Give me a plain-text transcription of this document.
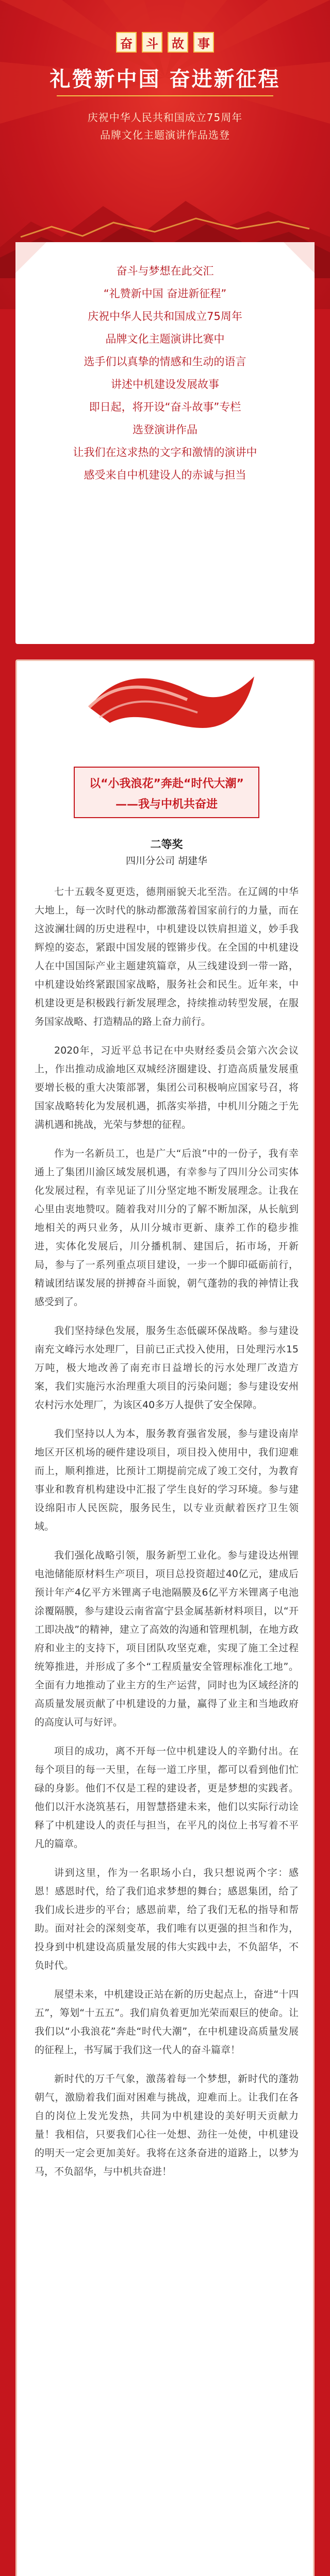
奋	斗	故	事
礼赞新中国 奋进新征程
庆祝中华人民共和国成立75周年
品牌文化主题演讲作品选登
奋斗与梦想在此交汇
“礼赞新中国 奋进新征程”
庆祝中华人民共和国成立75周年
品牌文化主题演讲比赛中
选手们以真挚的情感和生动的语言
讲述中机建设发展故事
即日起，将开设“奋斗故事”专栏
选登演讲作品
让我们在这求热的文字和激情的演讲中
感受来自中机建设人的赤诚与担当
以“小我浪花”奔赴“时代大潮”
——我与中机共奋进
二等奖
四川分公司 胡建华

七十五载冬夏更迭，德荆丽貌天北至浩。在辽阔的中华大地上，每一次时代的脉动都激荡着国家前行的力量，而在这波澜壮阔的历史进程中，中机建设以铁肩担道义，妙手我辉煌的姿态，紧跟中国发展的铿锵步伐。在全国的中机建设人在中国国际产业主题建筑篇章，从三线建设到一带一路，中机建设始终紧跟国家战略，服务社会和民生。近年来，中机建设更是积极践行新发展理念，持续推动转型发展，在服务国家战略、打造精品的路上奋力前行。

2020年，习近平总书记在中央财经委员会第六次会议上，作出推动成渝地区双城经济圈建设、打造高质量发展重要增长极的重大决策部署，集团公司积极响应国家号召，将国家战略转化为发展机遇，抓落实举措，中机川分随之于先满机遇和挑战，光荣与梦想的征程。

作为一名新员工，也是广大“后浪”中的一份子，我有幸通上了集团川渝区域发展机遇，有幸参与了四川分公司实体化发展过程，有幸见证了川分坚定地不断发展理念。让我在心里由衷地赞叹。随着我对川分的了解不断加深，从长航到地相关的两只业务，从川分城市更新、康养工作的稳步推进，实体化发展后，川分播机制、建国后，拓市场，开新局，参与了一系列重点项目建设，一步一个脚印砥砺前行，精诚团结谋发展的拼搏奋斗面貌，朝气蓬勃的我的神情让我感受到了。

我们坚持绿色发展，服务生态低碳环保战略。参与建设南充文峰污水处理厂，目前已正式投入使用，日处理污水15万吨，极大地改善了南充市日益增长的污水处理厂改造方案，我们实施污水治理重大项目的污染问题；参与建设安州农村污水处理厂，为该区40多万人提供了安全保障。

我们坚持以人为本，服务教育强省发展，参与建设南岸地区开区机场的硬件建设项目，项目投入使用中，我们迎难而上，顺利推进，比预计工期提前完成了竣工交付，为教育事业和教育机构建设中汇报了学生良好的学习环境。参与建设绵阳市人民医院，服务民生，以专业贡献着医疗卫生领域。

我们强化战略引领，服务新型工业化。参与建设达州锂电池储能原材料生产项目，项目总投资超过40亿元，建成后预计年产4亿平方米锂离子电池隔膜及6亿平方米锂离子电池涂覆隔膜，参与建设云南省富宁县金属基新材料项目，以“开工即决战”的精神，建立了高效的沟通和管理机制，在地方政府和业主的支持下，项目团队攻坚克难，实现了施工全过程统筹推进，并形成了多个“工程质量安全管理标准化工地”。全面有力地推动了业主方的生产运营，同时也为区域经济的高质量发展贡献了中机建设的力量，赢得了业主和当地政府的高度认可与好评。

项目的成功，离不开每一位中机建设人的辛勤付出。在每个项目的每一天里，在每一道工序里，都可以看到他们忙碌的身影。他们不仅是工程的建设者，更是梦想的实践者。他们以汗水浇筑基石，用智慧搭建未来，他们以实际行动诠释了中机建设人的责任与担当，在平凡的岗位上书写着不平凡的篇章。

讲到这里，作为一名职场小白，我只想说两个字：感恩！感恩时代，给了我们追求梦想的舞台；感恩集团，给了我们成长进步的平台；感恩前辈，给了我们无私的指导和帮助。面对社会的深刻变革，我们唯有以更强的担当和作为，投身到中机建设高质量发展的伟大实践中去，不负韶华，不负时代。

展望未来，中机建设正站在新的历史起点上，奋进“十四五”，筹划“十五五”。我们肩负着更加光荣而艰巨的使命。让我们以“小我浪花”奔赴“时代大潮”，在中机建设高质量发展的征程上，书写属于我们这一代人的奋斗篇章！

新时代的万千气象，激荡着每一个梦想，新时代的蓬勃朝气，激励着我们面对困难与挑战，迎难而上。让我们在各自的岗位上发光发热，共同为中机建设的美好明天贡献力量！我相信，只要我们心往一处想、劲往一处使，中机建设的明天一定会更加美好。我将在这条奋进的道路上，以梦为马，不负韶华，与中机共奋进！
